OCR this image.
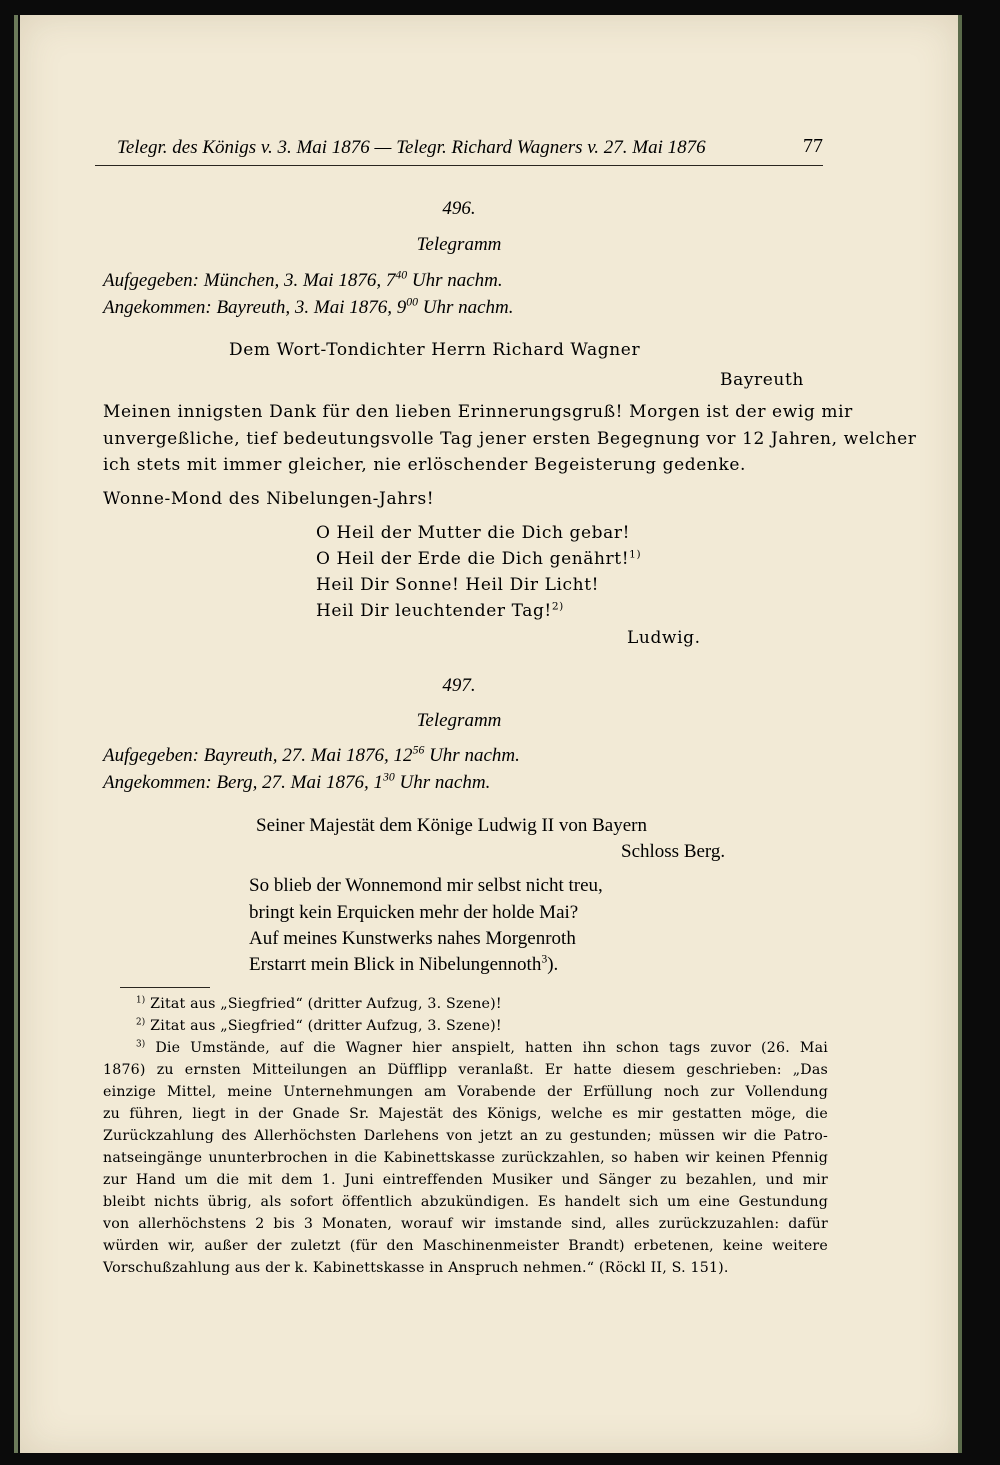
Telegr. des Königs v. 3. Mai 1876 — Telegr. Richard Wagners v. 27. Mai 1876	77
496.
Telegramm
Aufgegeben: München, 3. Mai 1876, $7^{40}$ Uhr nachm.
Angekommen: Bayreuth, 3. Mai 1876, $9^{00}$ Uhr nachm.
Dem Wort-Tondichter Herrn Richard Wagner
Bayreuth
Meinen innigsten Dank für den lieben Erinnerungsgruß! Morgen ist der ewig mir
unvergeßliche, tief bedeutungsvolle Tag jener ersten Begegnung vor 12 Jahren, welcher
ich stets mit immer gleicher, nie erlöschender Begeisterung gedenke.
Wonne-Mond des Nibelungen-Jahrs!
O Heil der Mutter die Dich gebar!
O Heil der Erde die Dich genährt!$^{1)}$
Heil Dir Sonne! Heil Dir Licht!
Heil Dir leuchtender Tag!$^{2)}$
Ludwig.
497.
Telegramm
Aufgegeben: Bayreuth, 27. Mai 1876, $12^{56}$ Uhr nachm.
Angekommen: Berg, 27. Mai 1876, $1^{30}$ Uhr nachm.
Seiner Majestät dem Könige Ludwig II von Bayern
Schloss Berg.
So blieb der Wonnemond mir selbst nicht treu,
bringt kein Erquicken mehr der holde Mai?
Auf meines Kunstwerks nahes Morgenroth
Erstarrt mein Blick in Nibelungennoth$^3$).
$^{1)}$ Zitat aus „Siegfried“ (dritter Aufzug, 3. Szene)!
$^{2)}$ Zitat aus „Siegfried“ (dritter Aufzug, 3. Szene)!
$^{3)}$ Die Umstände, auf die Wagner hier anspielt, hatten ihn schon tags zuvor (26. Mai
1876) zu ernsten Mitteilungen an Düfflipp veranlaßt. Er hatte diesem geschrieben: „Das
einzige Mittel, meine Unternehmungen am Vorabende der Erfüllung noch zur Vollendung
zu führen, liegt in der Gnade Sr. Majestät des Königs, welche es mir gestatten möge, die
Zurückzahlung des Allerhöchsten Darlehens von jetzt an zu gestunden; müssen wir die Patro-
natseingänge ununterbrochen in die Kabinettskasse zurückzahlen, so haben wir keinen Pfennig
zur Hand um die mit dem 1. Juni eintreffenden Musiker und Sänger zu bezahlen, und mir
bleibt nichts übrig, als sofort öffentlich abzukündigen. Es handelt sich um eine Gestundung
von allerhöchstens 2 bis 3 Monaten, worauf wir imstande sind, alles zurückzuzahlen: dafür
würden wir, außer der zuletzt (für den Maschinenmeister Brandt) erbetenen, keine weitere
Vorschußzahlung aus der k. Kabinettskasse in Anspruch nehmen.“ (Röckl II, S. 151).
